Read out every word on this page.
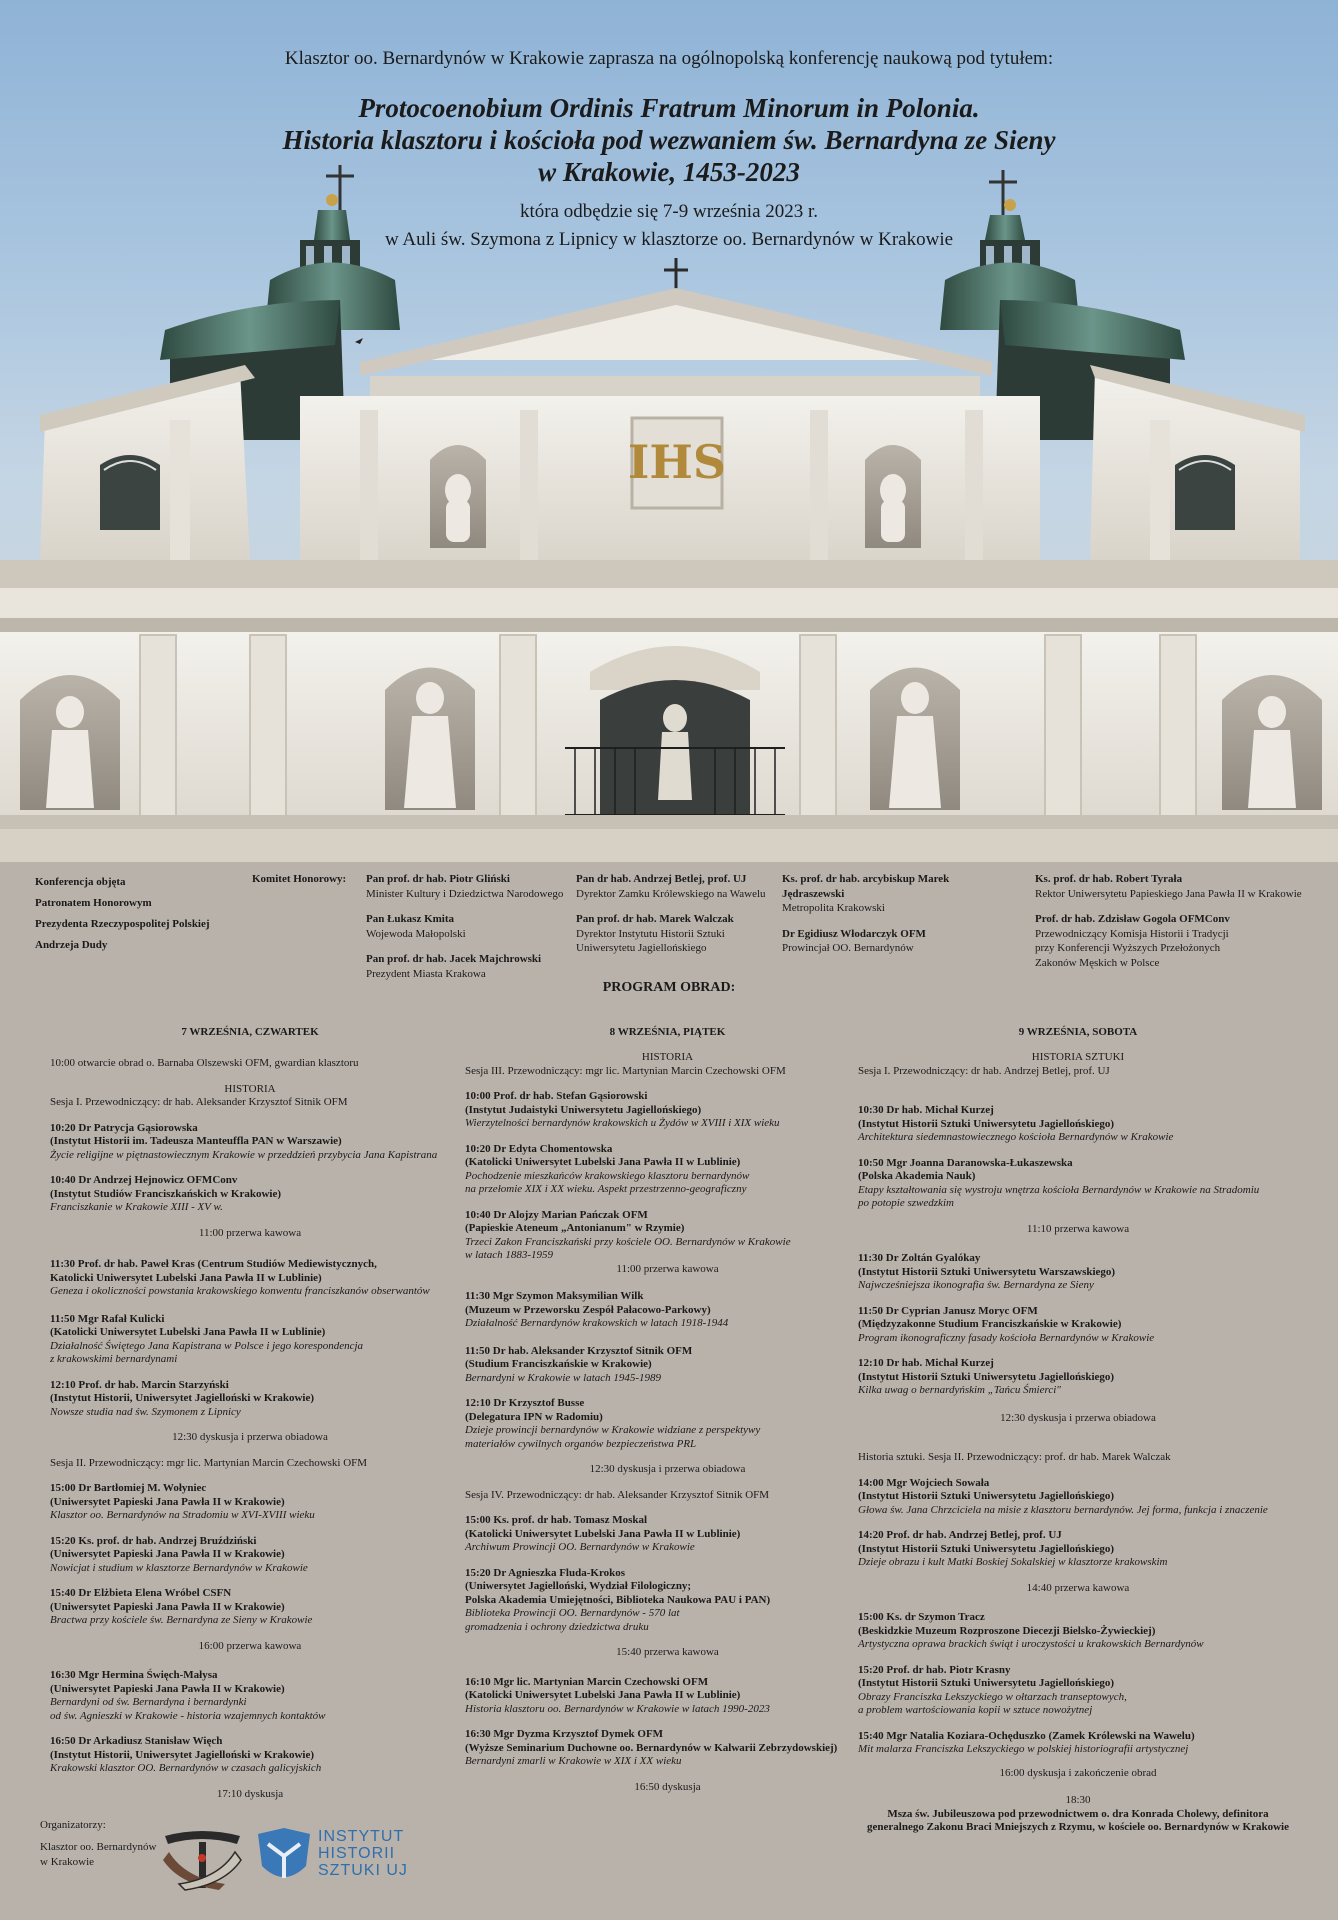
IHS
Klasztor oo. Bernardynów w Krakowie zaprasza na ogólnopolską konferencję naukową pod tytułem:
Protocoenobium Ordinis Fratrum Minorum in Polonia.
Historia klasztoru i kościoła pod wezwaniem św. Bernardyna ze Sieny
w Krakowie, 1453-2023
która odbędzie się 7-9 września 2023 r.
w Auli św. Szymona z Lipnicy w klasztorze oo. Bernardynów w Krakowie
Konferencja objęta
Patronatem Honorowym
Prezydenta Rzeczypospolitej Polskiej
Andrzeja Dudy
Komitet Honorowy: Pan prof. dr hab. Piotr Gliński
Minister Kultury i Dziedzictwa Narodowego
Pan Łukasz Kmita
Wojewoda Małopolski
Pan prof. dr hab. Jacek Majchrowski
Prezydent Miasta Krakowa
Pan dr hab. Andrzej Betlej, prof. UJ
Dyrektor Zamku Królewskiego na Wawelu
Pan prof. dr hab. Marek Walczak
Dyrektor Instytutu Historii Sztuki
Uniwersytetu Jagiellońskiego
Ks. prof. dr hab. arcybiskup Marek Jędraszewski
Metropolita Krakowski
Dr Egidiusz Włodarczyk OFM
Prowincjał OO. Bernardynów
Ks. prof. dr hab. Robert Tyrała
Rektor Uniwersytetu Papieskiego Jana Pawła II w Krakowie
Prof. dr hab. Zdzisław Gogola OFMConv
Przewodniczący Komisja Historii i Tradycji
przy Konferencji Wyższych Przełożonych
Zakonów Męskich w Polsce
PROGRAM OBRAD:
7 WRZEŚNIA, CZWARTEK
10:00 otwarcie obrad o. Barnaba Olszewski OFM, gwardian klasztoru
HISTORIA
Sesja I. Przewodniczący: dr hab. Aleksander Krzysztof Sitnik OFM
10:20 Dr Patrycja Gąsiorowska
(Instytut Historii im. Tadeusza Manteuffla PAN w Warszawie)
Życie religijne w piętnastowiecznym Krakowie w przeddzień przybycia Jana Kapistrana
10:40 Dr Andrzej Hejnowicz OFMConv
(Instytut Studiów Franciszkańskich w Krakowie)
Franciszkanie w Krakowie XIII - XV w.
11:00 przerwa kawowa
11:30 Prof. dr hab. Paweł Kras (Centrum Studiów Mediewistycznych,
Katolicki Uniwersytet Lubelski Jana Pawła II w Lublinie)
Geneza i okoliczności powstania krakowskiego konwentu franciszkanów obserwantów
11:50 Mgr Rafał Kulicki
(Katolicki Uniwersytet Lubelski Jana Pawła II w Lublinie)
Działalność Świętego Jana Kapistrana w Polsce i jego korespondencja
z krakowskimi bernardynami
12:10 Prof. dr hab. Marcin Starzyński
(Instytut Historii, Uniwersytet Jagielloński w Krakowie)
Nowsze studia nad św. Szymonem z Lipnicy
12:30 dyskusja i przerwa obiadowa
Sesja II. Przewodniczący: mgr lic. Martynian Marcin Czechowski OFM
15:00 Dr Bartłomiej M. Wołyniec
(Uniwersytet Papieski Jana Pawła II w Krakowie)
Klasztor oo. Bernardynów na Stradomiu w XVI-XVIII wieku
15:20 Ks. prof. dr hab. Andrzej Bruździński
(Uniwersytet Papieski Jana Pawła II w Krakowie)
Nowicjat i studium w klasztorze Bernardynów w Krakowie
15:40 Dr Elżbieta Elena Wróbel CSFN
(Uniwersytet Papieski Jana Pawła II w Krakowie)
Bractwa przy kościele św. Bernardyna ze Sieny w Krakowie
16:00 przerwa kawowa
16:30 Mgr Hermina Święch-Małysa
(Uniwersytet Papieski Jana Pawła II w Krakowie)
Bernardyni od św. Bernardyna i bernardynki
od św. Agnieszki w Krakowie - historia wzajemnych kontaktów
16:50 Dr Arkadiusz Stanisław Więch
(Instytut Historii, Uniwersytet Jagielloński w Krakowie)
Krakowski klasztor OO. Bernardynów w czasach galicyjskich
17:10 dyskusja
8 WRZEŚNIA, PIĄTEK
HISTORIA
Sesja III. Przewodniczący: mgr lic. Martynian Marcin Czechowski OFM
10:00 Prof. dr hab. Stefan Gąsiorowski
(Instytut Judaistyki Uniwersytetu Jagiellońskiego)
Wierzytelności bernardynów krakowskich u Żydów w XVIII i XIX wieku
10:20 Dr Edyta Chomentowska
(Katolicki Uniwersytet Lubelski Jana Pawła II w Lublinie)
Pochodzenie mieszkańców krakowskiego klasztoru bernardynów
na przełomie XIX i XX wieku. Aspekt przestrzenno-geograficzny
10:40 Dr Alojzy Marian Pańczak OFM
(Papieskie Ateneum „Antonianum" w Rzymie)
Trzeci Zakon Franciszkański przy kościele OO. Bernardynów w Krakowie
w latach 1883-1959
11:00 przerwa kawowa
11:30 Mgr Szymon Maksymilian Wilk
(Muzeum w Przeworsku Zespół Pałacowo-Parkowy)
Działalność Bernardynów krakowskich w latach 1918-1944
11:50 Dr hab. Aleksander Krzysztof Sitnik OFM
(Studium Franciszkańskie w Krakowie)
Bernardyni w Krakowie w latach 1945-1989
12:10 Dr Krzysztof Busse
(Delegatura IPN w Radomiu)
Dzieje prowincji bernardynów w Krakowie widziane z perspektywy
materiałów cywilnych organów bezpieczeństwa PRL
12:30 dyskusja i przerwa obiadowa
Sesja IV. Przewodniczący: dr hab. Aleksander Krzysztof Sitnik OFM
15:00 Ks. prof. dr hab. Tomasz Moskal
(Katolicki Uniwersytet Lubelski Jana Pawła II w Lublinie)
Archiwum Prowincji OO. Bernardynów w Krakowie
15:20 Dr Agnieszka Fluda-Krokos
(Uniwersytet Jagielloński, Wydział Filologiczny;
Polska Akademia Umiejętności, Biblioteka Naukowa PAU i PAN)
Biblioteka Prowincji OO. Bernardynów - 570 lat
gromadzenia i ochrony dziedzictwa druku
15:40 przerwa kawowa
16:10 Mgr lic. Martynian Marcin Czechowski OFM
(Katolicki Uniwersytet Lubelski Jana Pawła II w Lublinie)
Historia klasztoru oo. Bernardynów w Krakowie w latach 1990-2023
16:30 Mgr Dyzma Krzysztof Dymek OFM
(Wyższe Seminarium Duchowne oo. Bernardynów w Kalwarii Zebrzydowskiej)
Bernardyni zmarli w Krakowie w XIX i XX wieku
16:50 dyskusja
9 WRZEŚNIA, SOBOTA
HISTORIA SZTUKI
Sesja I. Przewodniczący: dr hab. Andrzej Betlej, prof. UJ
10:30 Dr hab. Michał Kurzej
(Instytut Historii Sztuki Uniwersytetu Jagiellońskiego)
Architektura siedemnastowiecznego kościoła Bernardynów w Krakowie
10:50 Mgr Joanna Daranowska-Łukaszewska
(Polska Akademia Nauk)
Etapy kształtowania się wystroju wnętrza kościoła Bernardynów w Krakowie na Stradomiu
po potopie szwedzkim
11:10 przerwa kawowa
11:30 Dr Zoltán Gyalókay
(Instytut Historii Sztuki Uniwersytetu Warszawskiego)
Najwcześniejsza ikonografia św. Bernardyna ze Sieny
11:50 Dr Cyprian Janusz Moryc OFM
(Międzyzakonne Studium Franciszkańskie w Krakowie)
Program ikonograficzny fasady kościoła Bernardynów w Krakowie
12:10 Dr hab. Michał Kurzej
(Instytut Historii Sztuki Uniwersytetu Jagiellońskiego)
Kilka uwag o bernardyńskim „Tańcu Śmierci"
12:30 dyskusja i przerwa obiadowa
Historia sztuki. Sesja II. Przewodniczący: prof. dr hab. Marek Walczak
14:00 Mgr Wojciech Sowała
(Instytut Historii Sztuki Uniwersytetu Jagiellońskiego)
Głowa św. Jana Chrzciciela na misie z klasztoru bernardynów. Jej forma, funkcja i znaczenie
14:20 Prof. dr hab. Andrzej Betlej, prof. UJ
(Instytut Historii Sztuki Uniwersytetu Jagiellońskiego)
Dzieje obrazu i kult Matki Boskiej Sokalskiej w klasztorze krakowskim
14:40 przerwa kawowa
15:00 Ks. dr Szymon Tracz
(Beskidzkie Muzeum Rozproszone Diecezji Bielsko-Żywieckiej)
Artystyczna oprawa brackich świąt i uroczystości u krakowskich Bernardynów
15:20 Prof. dr hab. Piotr Krasny
(Instytut Historii Sztuki Uniwersytetu Jagiellońskiego)
Obrazy Franciszka Lekszyckiego w ołtarzach transeptowych,
a problem wartościowania kopii w sztuce nowożytnej
15:40 Mgr Natalia Koziara-Ochęduszko (Zamek Królewski na Wawelu)
Mit malarza Franciszka Lekszyckiego w polskiej historiografii artystycznej
16:00 dyskusja i zakończenie obrad
18:30
Msza św. Jubileuszowa pod przewodnictwem o. dra Konrada Cholewy, definitora generalnego Zakonu Braci Mniejszych z Rzymu, w kościele oo. Bernardynów w Krakowie
Organizatorzy:
Klasztor oo. Bernardynów
w Krakowie
INSTYTUT
HISTORII
SZTUKI UJ
